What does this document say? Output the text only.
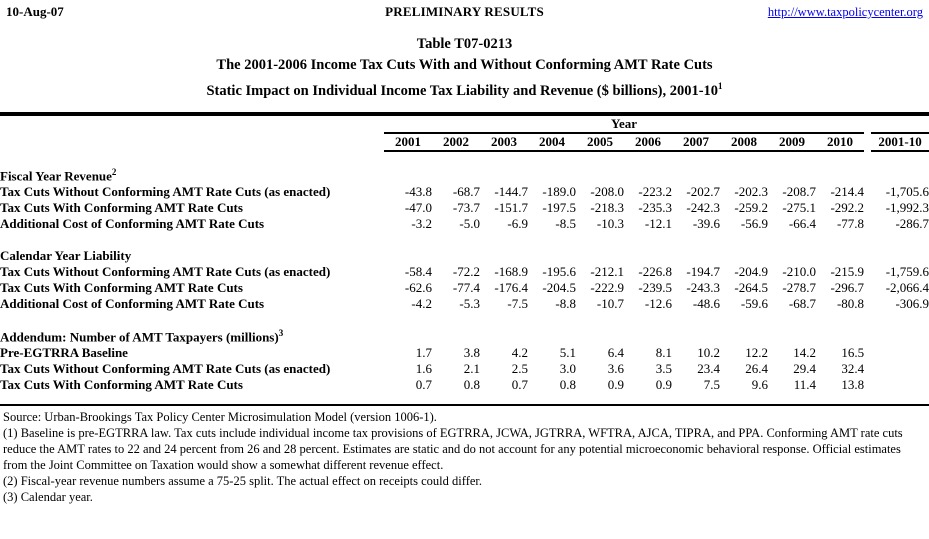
10-Aug-07	PRELIMINARY RESULTS	http://www.taxpolicycenter.org
Table T07-0213
The 2001-2006 Income Tax Cuts With and Without Conforming AMT Rate Cuts
Static Impact on Individual Income Tax Liability and Revenue ($ billions), $2001-10^1$
	Year											
	2001	2002	2003	2004	2005	2006	2007	2008	2009	2010		2001-10
Fiscal Year Revenue$^2$
Tax Cuts Without Conforming AMT Rate Cuts (as enacted)	-43.8	-68.7	-144.7	-189.0	-208.0	-223.2	-202.7	-202.3	-208.7	-214.4		-1,705.6
Tax Cuts With Conforming AMT Rate Cuts	-47.0	-73.7	-151.7	-197.5	-218.3	-235.3	-242.3	-259.2	-275.1	-292.2		-1,992.3
Additional Cost of Conforming AMT Rate Cuts	-3.2	-5.0	-6.9	-8.5	-10.3	-12.1	-39.6	-56.9	-66.4	-77.8		-286.7

Calendar Year Liability												
Tax Cuts Without Conforming AMT Rate Cuts (as enacted)	-58.4	-72.2	-168.9	-195.6	-212.1	-226.8	-194.7	-204.9	-210.0	-215.9		-1,759.6
Tax Cuts With Conforming AMT Rate Cuts	-62.6	-77.4	-176.4	-204.5	-222.9	-239.5	-243.3	-264.5	-278.7	-296.7		-2,066.4
Additional Cost of Conforming AMT Rate Cuts	-4.2	-5.3	-7.5	-8.8	-10.7	-12.6	-48.6	-59.6	-68.7	-80.8		-306.9

Addendum: Number of AMT Taxpayers (millions)$^3$
Pre-EGTRRA Baseline	1.7	3.8	4.2	5.1	6.4	8.1	10.2	12.2	14.2	16.5		
Tax Cuts Without Conforming AMT Rate Cuts (as enacted)	1.6	2.1	2.5	3.0	3.6	3.5	23.4	26.4	29.4	32.4		
Tax Cuts With Conforming AMT Rate Cuts	0.7	0.8	0.7	0.8	0.9	0.9	7.5	9.6	11.4	13.8		
Source: Urban-Brookings Tax Policy Center Microsimulation Model (version 1006-1).
(1) Baseline is pre-EGTRRA law. Tax cuts include individual income tax provisions of EGTRRA, JCWA, JGTRRA, WFTRA, AJCA, TIPRA, and PPA. Conforming AMT rate cuts reduce the AMT rates to 22 and 24 percent from 26 and 28 percent. Estimates are static and do not account for any potential microeconomic behavioral response. Official estimates from the Joint Committee on Taxation would show a somewhat different revenue effect.
(2) Fiscal-year revenue numbers assume a 75-25 split. The actual effect on receipts could differ.
(3) Calendar year.
